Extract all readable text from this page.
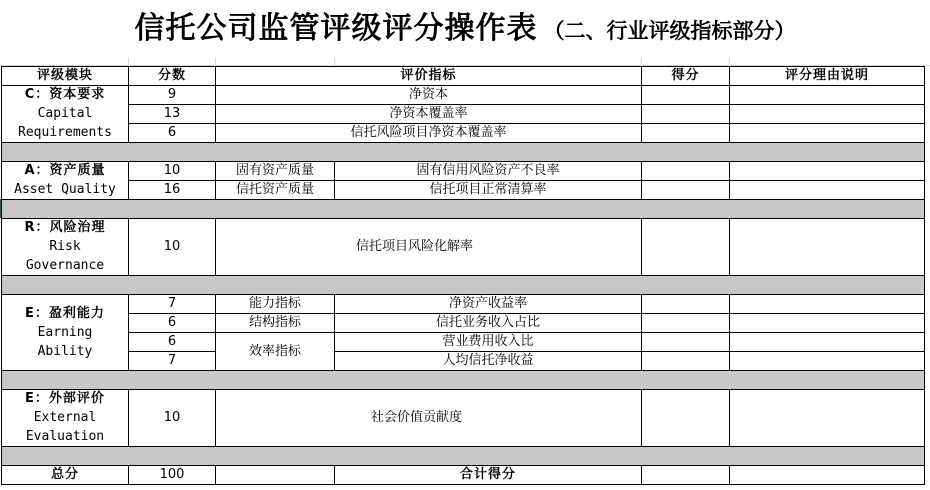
信托公司监管评级评分操作表 （二、行业评级指标部分）
评级模块	分数	评价指标		得分	评分理由说明

C：资本要求
Capital
Requirements	9	净资本			
	13	净资本覆盖率			
	6	信托风险项目净资本覆盖率			

A：资产质量
Asset Quality	10	固有资产质量	固有信用风险资产不良率		
	16	信托资产质量	信托项目正常清算率		

R：风险治理
Risk
Governance	10	信托项目风险化解率			

E：盈利能力
Earning
Ability	7	能力指标	净资产收益率		
	6	结构指标	信托业务收入占比		
	6	效率指标	营业费用收入比		
	7		人均信托净收益		

E：外部评价
External
Evaluation	10	社会价值贡献度			

总分	100		合计得分		
